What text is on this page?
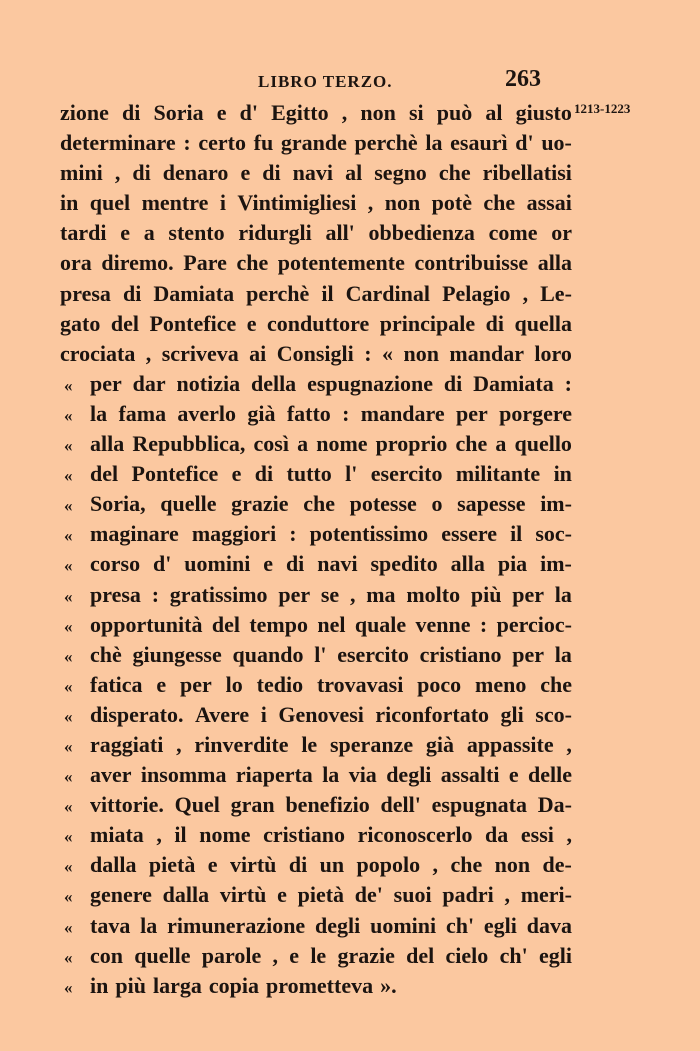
LIBRO TERZO.	263
1213-1223
zione di Soria e d' Egitto , non si può al giusto
determinare : certo fu grande perchè la esaurì d' uo-
mini , di denaro e di navi al segno che ribellatisi
in quel mentre i Vintimigliesi , non potè che assai
tardi e a stento ridurgli all' obbedienza come or
ora diremo. Pare che potentemente contribuisse alla
presa di Damiata perchè il Cardinal Pelagio , Le-
gato del Pontefice e conduttore principale di quella
crociata , scriveva ai Consigli : « non mandar loro
« per dar notizia della espugnazione di Damiata :
« la fama averlo già fatto : mandare per porgere
« alla Repubblica, così a nome proprio che a quello
« del Pontefice e di tutto l' esercito militante in
« Soria, quelle grazie che potesse o sapesse im-
« maginare maggiori : potentissimo essere il soc-
« corso d' uomini e di navi spedito alla pia im-
« presa : gratissimo per se , ma molto più per la
« opportunità del tempo nel quale venne : percioc-
« chè giungesse quando l' esercito cristiano per la
« fatica e per lo tedio trovavasi poco meno che
« disperato. Avere i Genovesi riconfortato gli sco-
« raggiati , rinverdite le speranze già appassite ,
« aver insomma riaperta la via degli assalti e delle
« vittorie. Quel gran benefizio dell' espugnata Da-
« miata , il nome cristiano riconoscerlo da essi ,
« dalla pietà e virtù di un popolo , che non de-
« genere dalla virtù e pietà de' suoi padri , meri-
« tava la rimunerazione degli uomini ch' egli dava
« con quelle parole , e le grazie del cielo ch' egli
« in più larga copia prometteva ».
